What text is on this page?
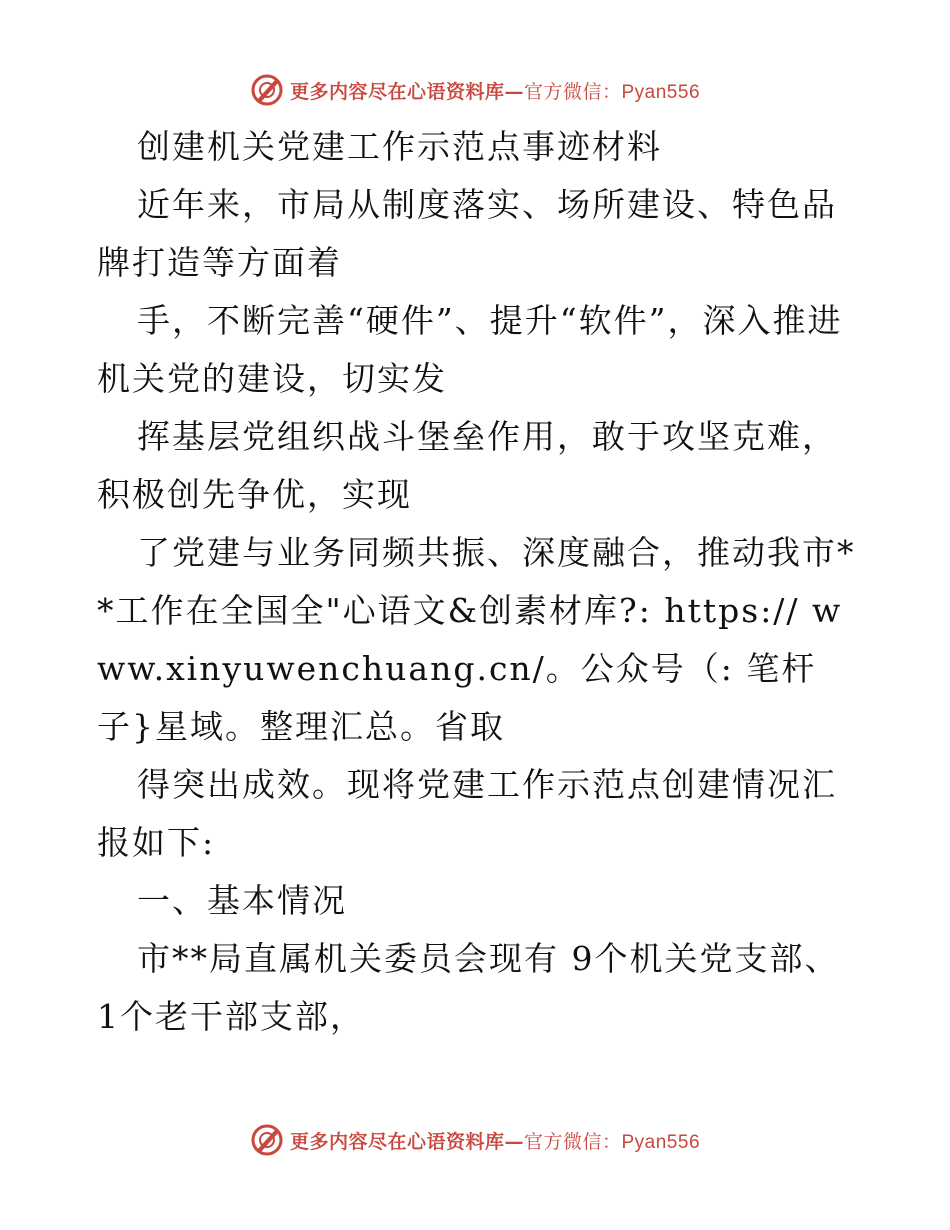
更多内容尽在心语资料库—官方微信：Pyan556

创建机关党建工作示范点事迹材料

近年来，市局从制度落实、场所建设、特色品牌打造等方面着

手，不断完善“硬件”、提升“软件”，深入推进机关党的建设，切实发

挥基层党组织战斗堡垒作用，敢于攻坚克难，积极创先争优，实现

了党建与业务同频共振、深度融合，推动我市**工作在全国全"心语文&创素材库?: https:// www.xinyuwenchuang.cn/。公众号（: 笔杆子}星域。整理汇总。省取

得突出成效。现将党建工作示范点创建情况汇报如下:

一、基本情况

市**局直属机关委员会现有 9个机关党支部、1个老干部支部，

更多内容尽在心语资料库—官方微信：Pyan556
